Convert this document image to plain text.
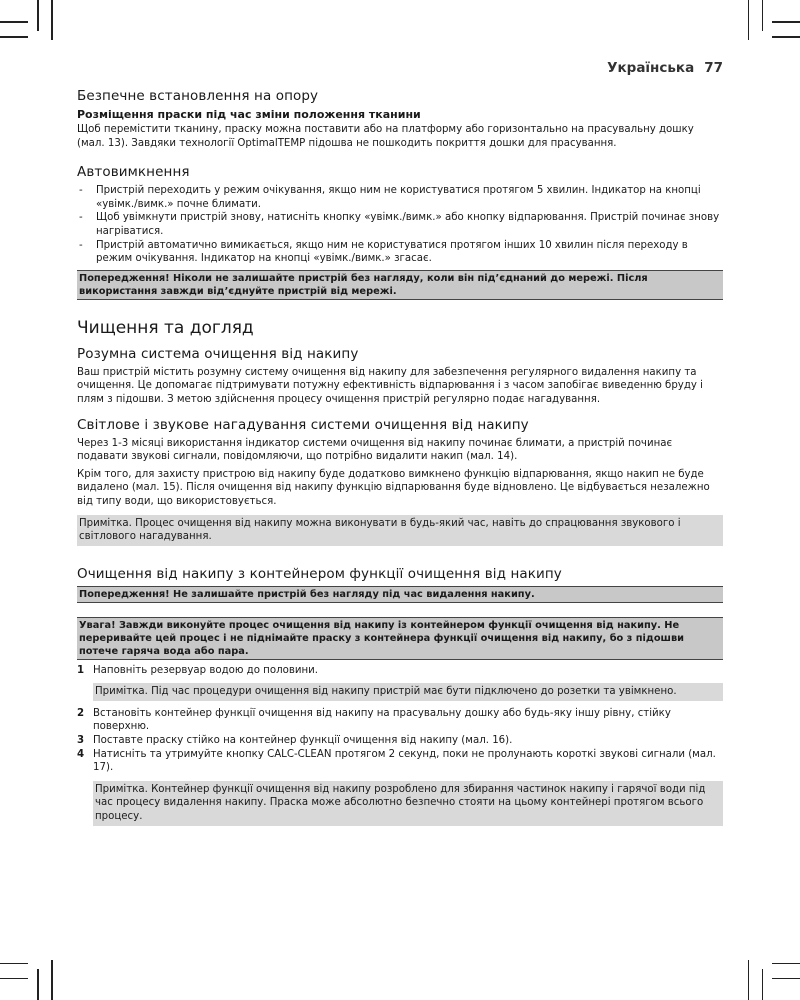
Українська 77
Безпечне встановлення на опору
Розміщення праски під час зміни положення тканини

Щоб перемістити тканину, праску можна поставити або на платформу або горизонтально на прасувальну дошку (мал. 13). Завдяки технології OptimalTEMP підошва не пошкодить покриття дошки для прасування.

Автовимкнення
- Пристрій переходить у режим очікування, якщо ним не користуватися протягом 5 хвилин. Індикатор на кнопці «увімк./вимк.» почне блимати.
- Щоб увімкнути пристрій знову, натисніть кнопку «увімк./вимк.» або кнопку відпарювання. Пристрій починає знову нагріватися.
- Пристрій автоматично вимикається, якщо ним не користуватися протягом інших 10 хвилин після переходу в режим очікування. Індикатор на кнопці «увімк./вимк.» згасає.
Попередження! Ніколи не залишайте пристрій без нагляду, коли він під’єднаний до мережі. Після використання завжди від’єднуйте пристрій від мережі.
Чищення та догляд
Розумна система очищення від накипу

Ваш пристрій містить розумну систему очищення від накипу для забезпечення регулярного видалення накипу та очищення. Це допомагає підтримувати потужну ефективність відпарювання і з часом запобігає виведенню бруду і плям з підошви. З метою здійснення процесу очищення пристрій регулярно подає нагадування.

Світлове і звукове нагадування системи очищення від накипу

Через 1-3 місяці використання індикатор системи очищення від накипу починає блимати, а пристрій починає подавати звукові сигнали, повідомляючи, що потрібно видалити накип (мал. 14).

Крім того, для захисту пристрою від накипу буде додатково вимкнено функцію відпарювання, якщо накип не буде видалено (мал. 15). Після очищення від накипу функцію відпарювання буде відновлено. Це відбувається незалежно від типу води, що використовується.

Примітка. Процес очищення від накипу можна виконувати в будь-який час, навіть до спрацювання звукового і світлового нагадування.
Очищення від накипу з контейнером функції очищення від накипу
Попередження! Не залишайте пристрій без нагляду під час видалення накипу.
Увага! Завжди виконуйте процес очищення від накипу із контейнером функції очищення від накипу. Не переривайте цей процес і не піднімайте праску з контейнера функції очищення від накипу, бо з підошви потече гаряча вода або пара.
1 Наповніть резервуар водою до половини.
Примітка. Під час процедури очищення від накипу пристрій має бути підключено до розетки та увімкнено.
2 Встановіть контейнер функції очищення від накипу на прасувальну дошку або будь-яку іншу рівну, стійку поверхню.
3 Поставте праску стійко на контейнер функції очищення від накипу (мал. 16).
4 Натисніть та утримуйте кнопку CALC-CLEAN протягом 2 секунд, поки не пролунають короткі звукові сигнали (мал. 17).
Примітка. Контейнер функції очищення від накипу розроблено для збирання частинок накипу і гарячої води під час процесу видалення накипу. Праска може абсолютно безпечно стояти на цьому контейнері протягом всього процесу.
